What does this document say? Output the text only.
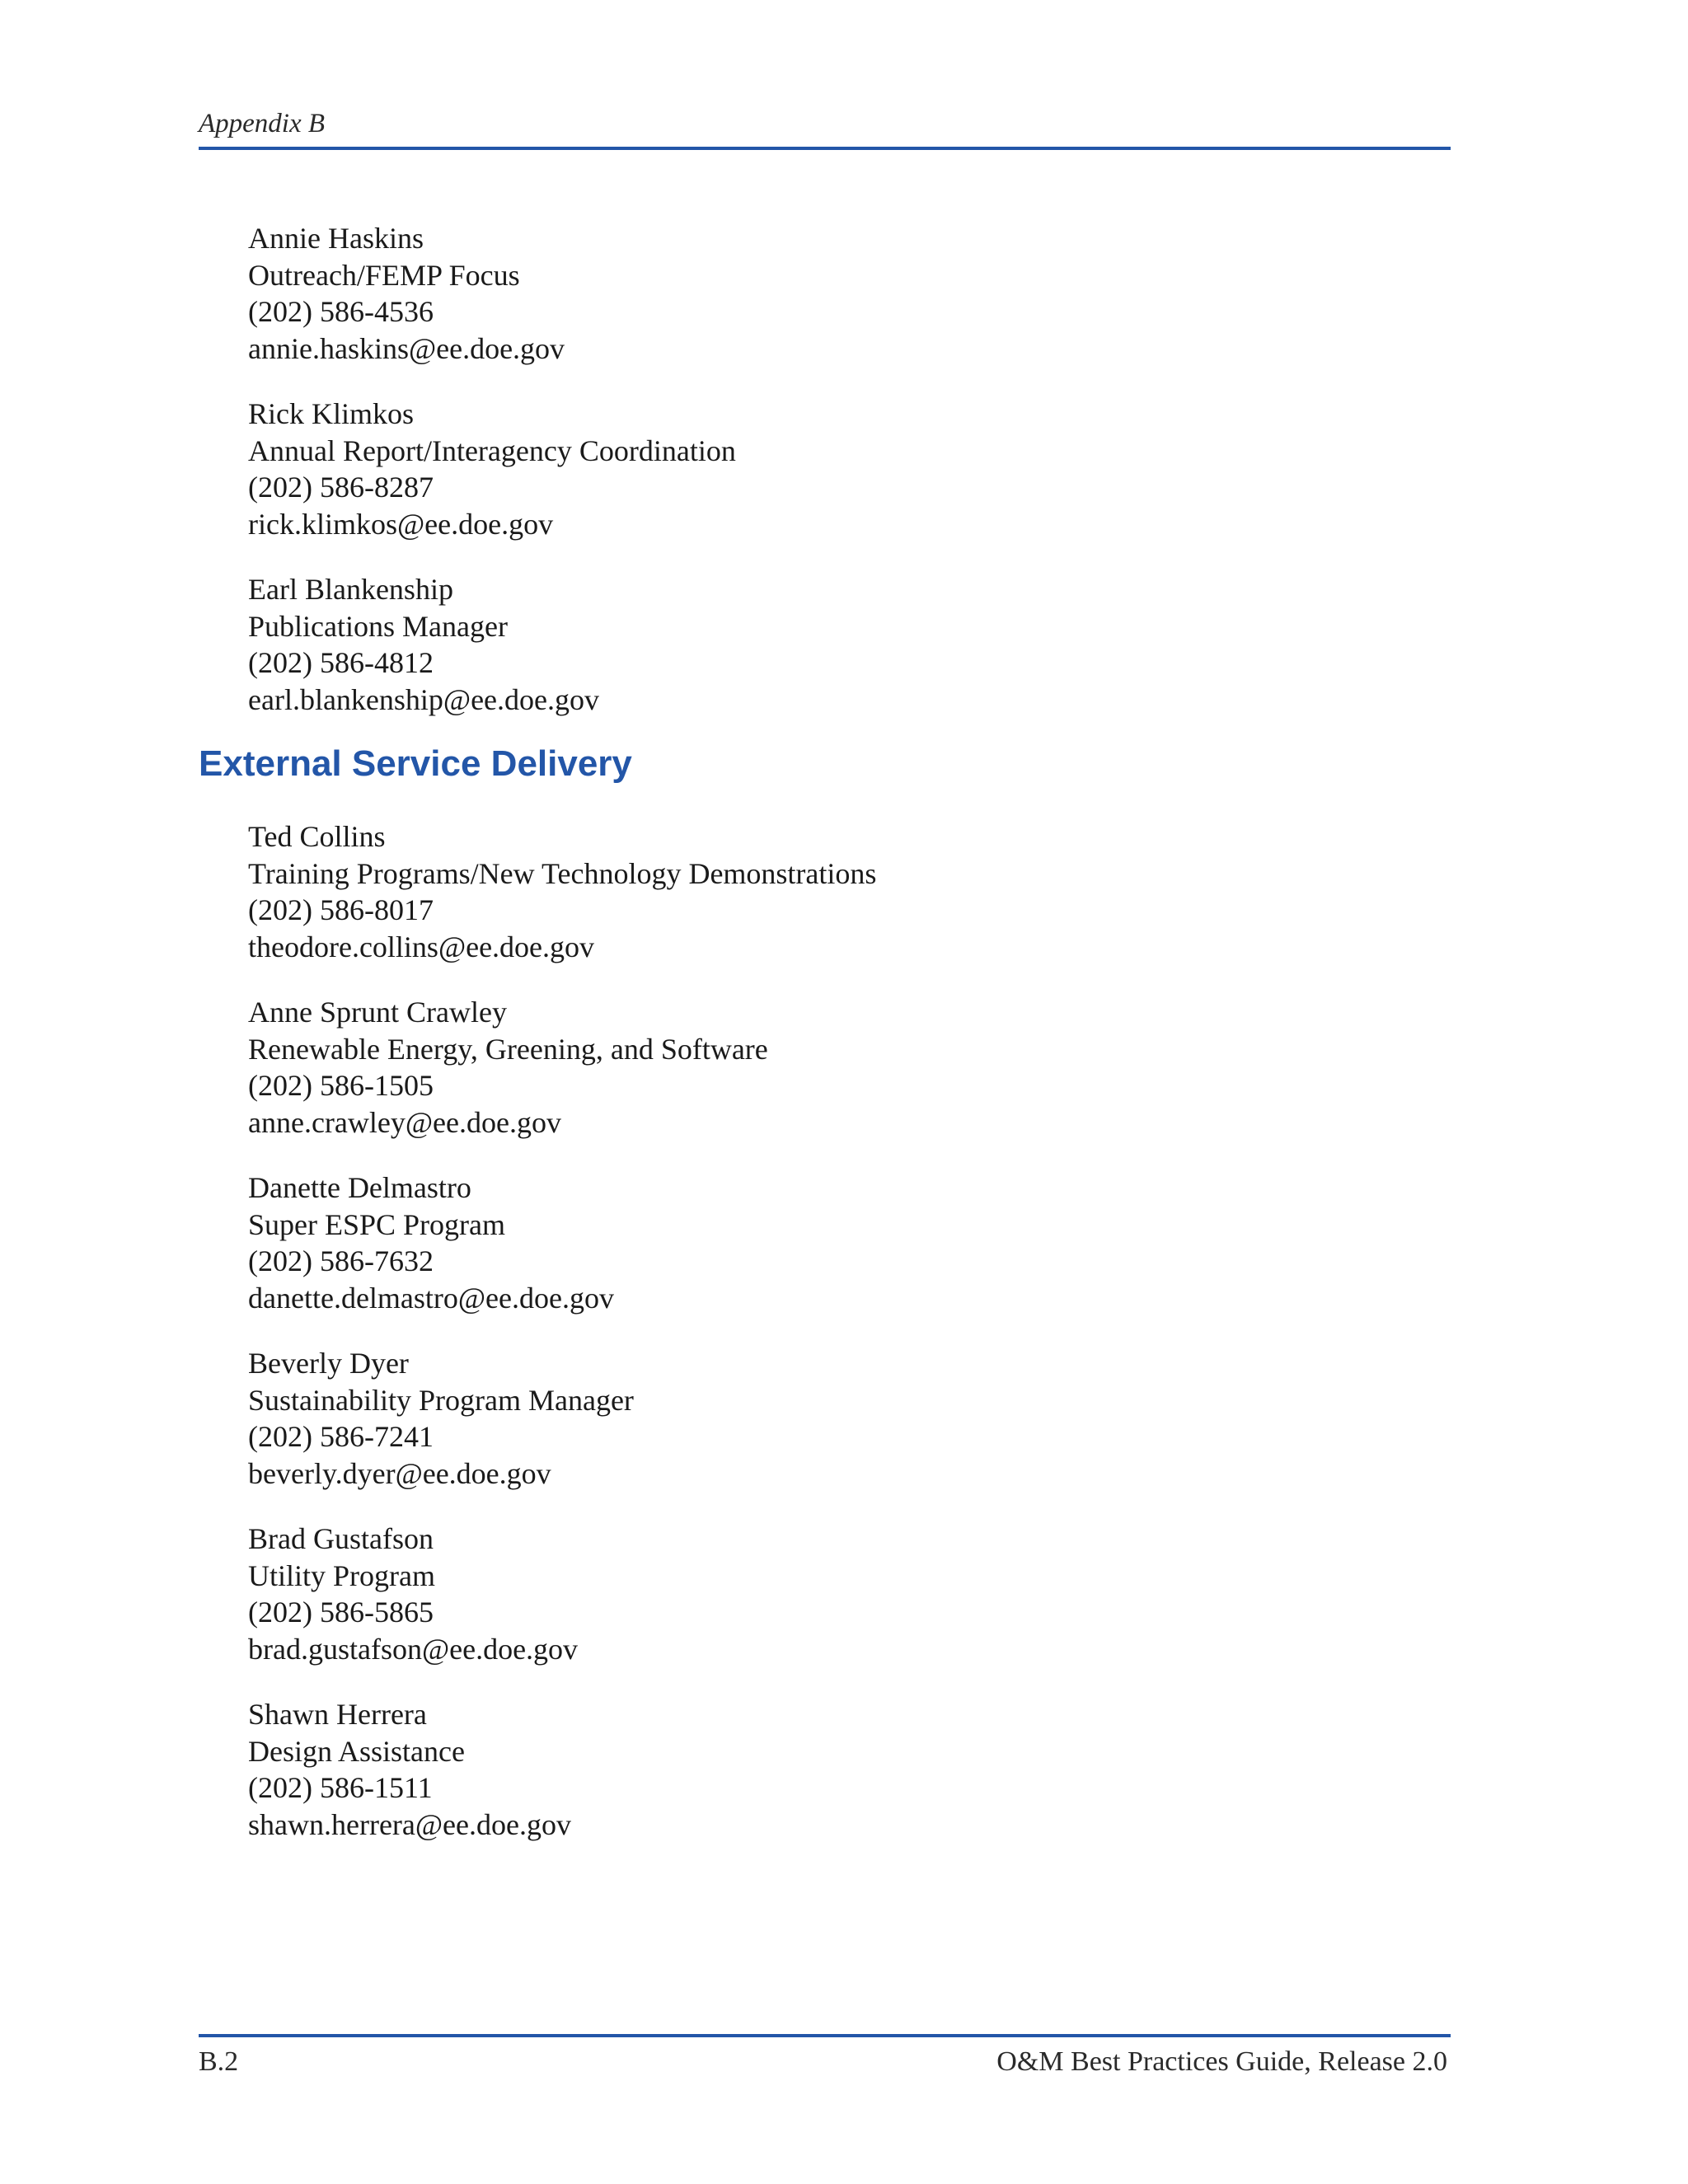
Appendix B
Annie Haskins
Outreach/FEMP Focus
(202) 586-4536
annie.haskins@ee.doe.gov
Rick Klimkos
Annual Report/Interagency Coordination
(202) 586-8287
rick.klimkos@ee.doe.gov
Earl Blankenship
Publications Manager
(202) 586-4812
earl.blankenship@ee.doe.gov
External Service Delivery
Ted Collins
Training Programs/New Technology Demonstrations
(202) 586-8017
theodore.collins@ee.doe.gov
Anne Sprunt Crawley
Renewable Energy, Greening, and Software
(202) 586-1505
anne.crawley@ee.doe.gov
Danette Delmastro
Super ESPC Program
(202) 586-7632
danette.delmastro@ee.doe.gov
Beverly Dyer
Sustainability Program Manager
(202) 586-7241
beverly.dyer@ee.doe.gov
Brad Gustafson
Utility Program
(202) 586-5865
brad.gustafson@ee.doe.gov
Shawn Herrera
Design Assistance
(202) 586-1511
shawn.herrera@ee.doe.gov
B.2	O&M Best Practices Guide, Release 2.0
